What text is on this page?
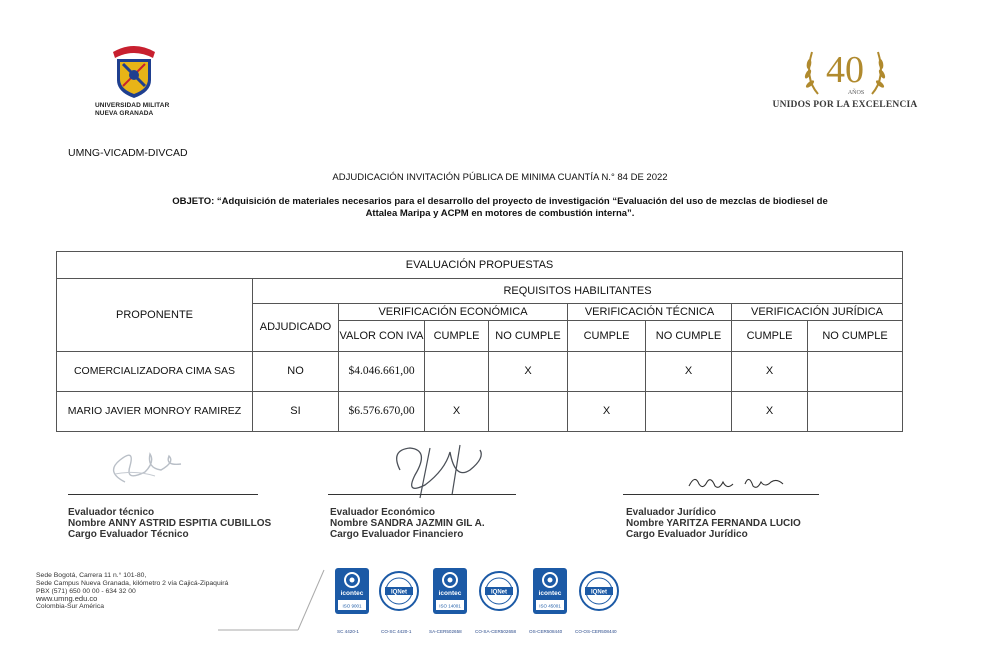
UNIVERSIDAD MILITAR
NUEVA GRANADA
40
AÑOS
UNIDOS POR LA EXCELENCIA
UMNG-VICADM-DIVCAD
ADJUDICACIÓN INVITACIÓN PÚBLICA DE MINIMA CUANTÍA N.° 84 DE 2022
OBJETO: “Adquisición de materiales necesarios para el desarrollo del proyecto de investigación “Evaluación del uso de mezclas de biodiesel de
Attalea Maripa y ACPM en motores de combustión interna”.
EVALUACIÓN PROPUESTAS								
PROPONENTE	REQUISITOS HABILITANTES							
	ADJUDICADO	VERIFICACIÓN ECONÓMICA			VERIFICACIÓN TÉCNICA		VERIFICACIÓN JURÍDICA	
		VALOR CON IVA	CUMPLE	NO CUMPLE	CUMPLE	NO CUMPLE	CUMPLE	NO CUMPLE
COMERCIALIZADORA CIMA SAS	NO	$4.046.661,00		X		X	X	
MARIO JAVIER MONROY RAMIREZ	SI	$6.576.670,00	X		X		X	
Evaluador técnico
Nombre ANNY ASTRID ESPITIA CUBILLOS
Cargo Evaluador Técnico
Evaluador Económico
Nombre SANDRA JAZMIN GIL A.
Cargo Evaluador Financiero
Evaluador Jurídico
Nombre YARITZA FERNANDA LUCIO
Cargo Evaluador Jurídico
Sede Bogotá, Carrera 11 n.° 101-80,
Sede Campus Nueva Granada, kilómetro 2 vía Cajicá-Zipaquirá
PBX (571) 650 00 00 - 634 32 00
www.umng.edu.co
Colombia-Sur América
icontec
ISO 9001
IQNet	icontec
ISO 14001
IQNet	icontec
ISO 45001
IQNet
SC 4420-1	CO-SC 4420-1	SA-CER502658	CO-SA-CER502658	OS-CER508440	CO-OS-CER508440
